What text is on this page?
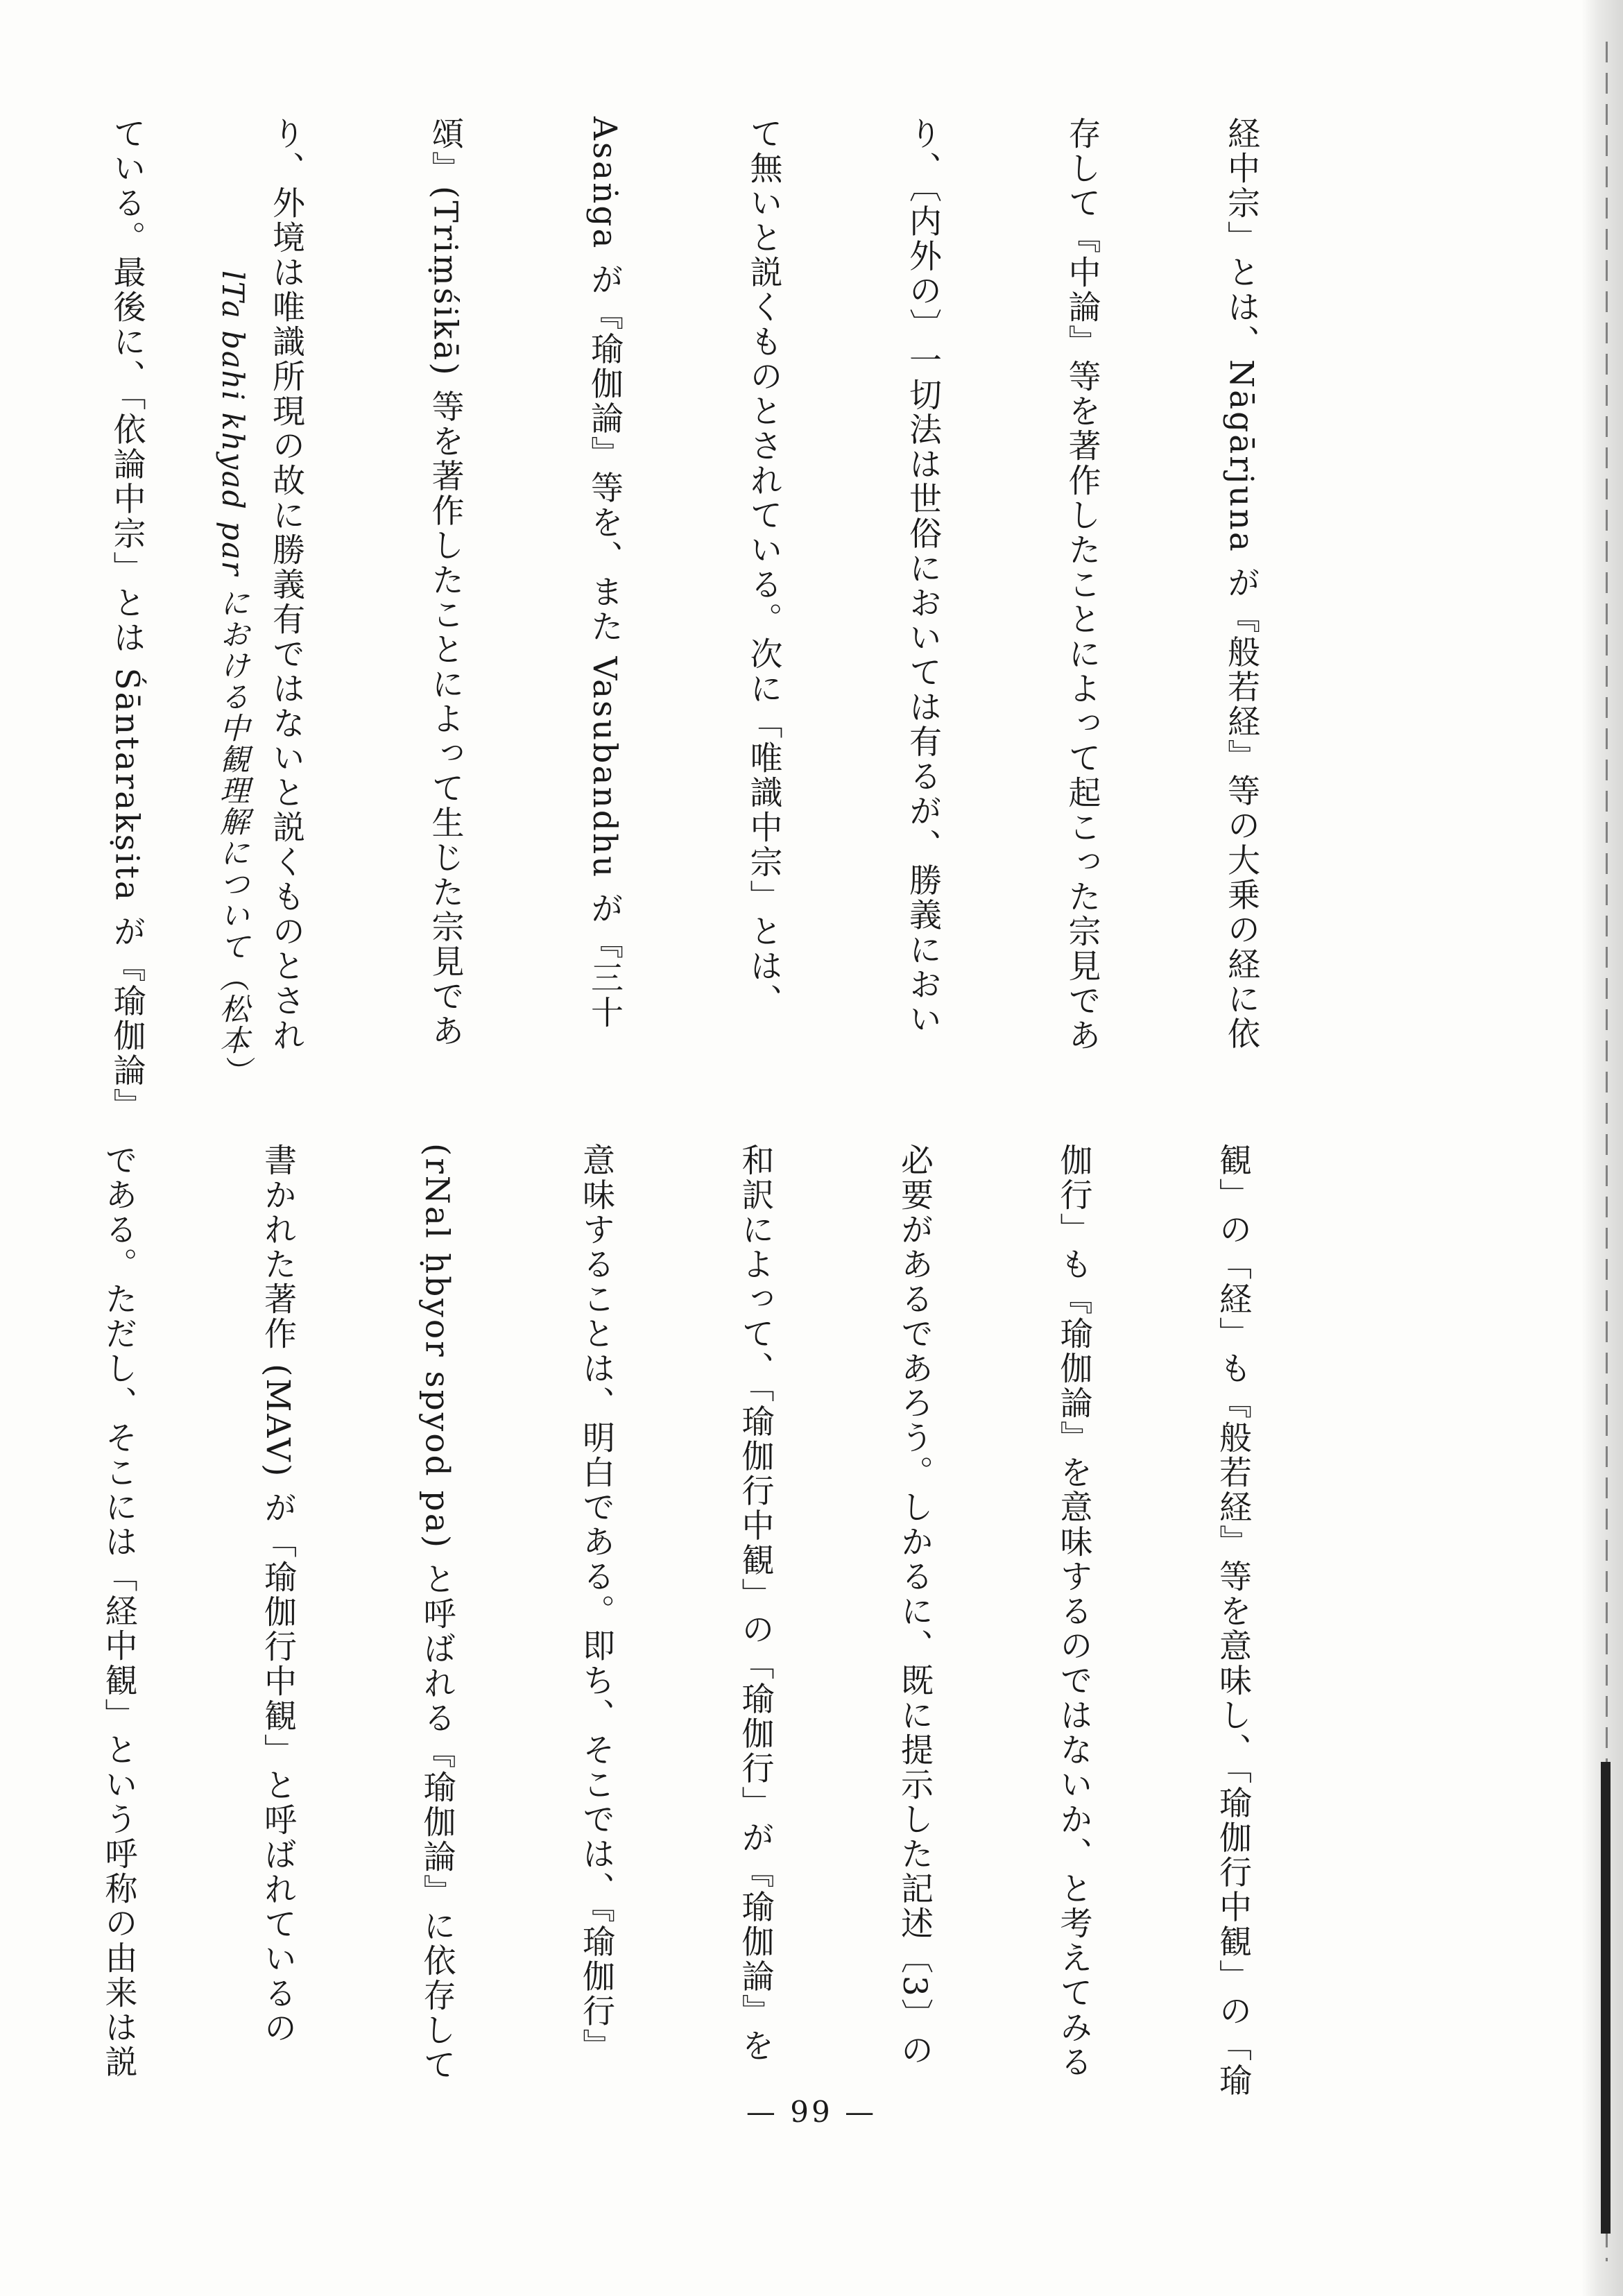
経中宗」とは、Nāgārjuna が『般若経』等の大乗の経に依

存して『中論』等を著作したことによって起こった宗見であ

り、〔内外の〕一切法は世俗においては有るが、勝義におい

て無いと説くものとされている。次に「唯識中宗」とは、

Asaṅga が『瑜伽論』等を、また Vasubandhu が『三十

頌』(Triṃśikā) 等を著作したことによって生じた宗見であ

り、外境は唯識所現の故に勝義有ではないと説くものとされ

ている。最後に、「依論中宗」とは Śāntarakṣita が『瑜伽論』

観」の「経」も『般若経』等を意味し、「瑜伽行中観」の「瑜

伽行」も『瑜伽論』を意味するのではないか、と考えてみる

必要があるであろう。しかるに、既に提示した記述〔3〕の

和訳によって、「瑜伽行中観」の「瑜伽行」が『瑜伽論』を

意味することは、明白である。即ち、そこでは、『瑜伽行』

(rNal ḥbyor spyod pa) と呼ばれる『瑜伽論』に依存して

書かれた著作 (MAV) が「瑜伽行中観」と呼ばれているの

である。ただし、そこには「経中観」という呼称の由来は説

lTa bahi khyad par における中観理解について（松本）
— 99 —
